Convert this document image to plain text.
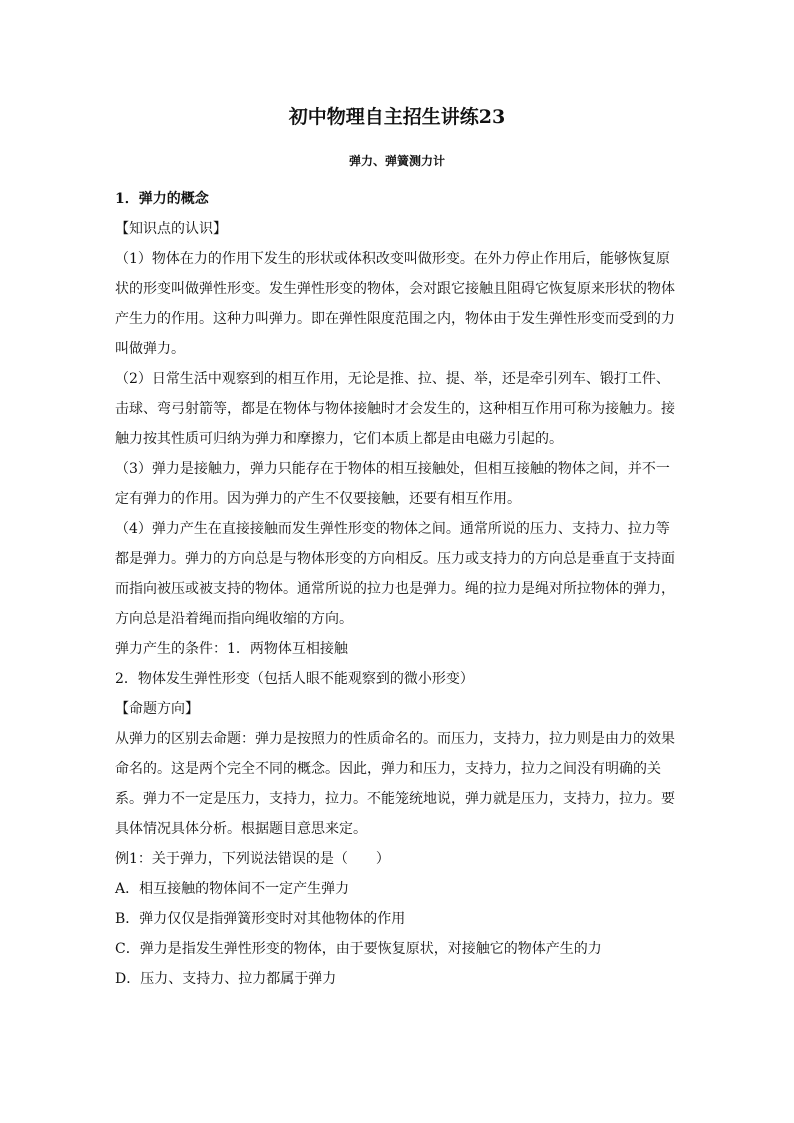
初中物理自主招生讲练23
弹力、弹簧测力计

1．弹力的概念

【知识点的认识】

（1）物体在力的作用下发生的形状或体积改变叫做形变。在外力停止作用后，能够恢复原状的形变叫做弹性形变。发生弹性形变的物体，会对跟它接触且阻碍它恢复原来形状的物体产生力的作用。这种力叫弹力。即在弹性限度范围之内，物体由于发生弹性形变而受到的力叫做弹力。

（2）日常生活中观察到的相互作用，无论是推、拉、提、举，还是牵引列车、锻打工件、击球、弯弓射箭等，都是在物体与物体接触时才会发生的，这种相互作用可称为接触力。接触力按其性质可归纳为弹力和摩擦力，它们本质上都是由电磁力引起的。

（3）弹力是接触力，弹力只能存在于物体的相互接触处，但相互接触的物体之间，并不一定有弹力的作用。因为弹力的产生不仅要接触，还要有相互作用。

（4）弹力产生在直接接触而发生弹性形变的物体之间。通常所说的压力、支持力、拉力等都是弹力。弹力的方向总是与物体形变的方向相反。压力或支持力的方向总是垂直于支持面而指向被压或被支持的物体。通常所说的拉力也是弹力。绳的拉力是绳对所拉物体的弹力，方向总是沿着绳而指向绳收缩的方向。

弹力产生的条件：1．两物体互相接触

2．物体发生弹性形变（包括人眼不能观察到的微小形变）

【命题方向】

从弹力的区别去命题：弹力是按照力的性质命名的。而压力，支持力，拉力则是由力的效果命名的。这是两个完全不同的概念。因此，弹力和压力，支持力，拉力之间没有明确的关系。弹力不一定是压力，支持力，拉力。不能笼统地说，弹力就是压力，支持力，拉力。要具体情况具体分析。根据题目意思来定。

例1：关于弹力，下列说法错误的是（　　）

A．相互接触的物体间不一定产生弹力

B．弹力仅仅是指弹簧形变时对其他物体的作用

C．弹力是指发生弹性形变的物体，由于要恢复原状，对接触它的物体产生的力

D．压力、支持力、拉力都属于弹力
